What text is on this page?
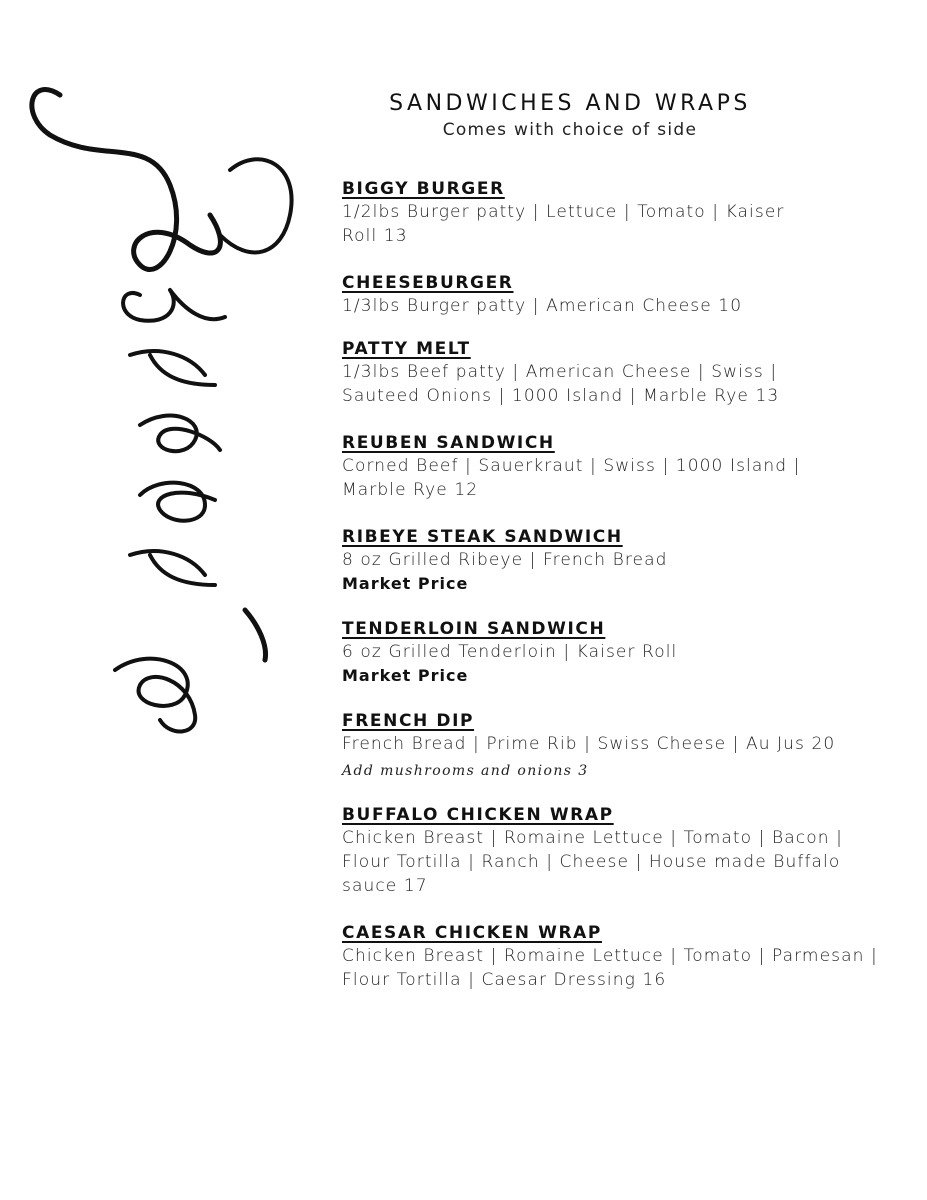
SANDWICHES AND WRAPS
Comes with choice of side
BIGGY BURGER
1/2lbs Burger patty | Lettuce | Tomato | Kaiser Roll 13
CHEESEBURGER
1/3lbs Burger patty | American Cheese 10
PATTY MELT
1/3lbs Beef patty | American Cheese | Swiss | Sauteed Onions | 1000 Island | Marble Rye 13
REUBEN SANDWICH
Corned Beef | Sauerkraut | Swiss | 1000 Island | Marble Rye 12
RIBEYE STEAK SANDWICH
8 oz Grilled Ribeye | French Bread
Market Price
TENDERLOIN SANDWICH
6 oz Grilled Tenderloin | Kaiser Roll
Market Price
FRENCH DIP
French Bread | Prime Rib | Swiss Cheese | Au Jus 20
Add mushrooms and onions 3
BUFFALO CHICKEN WRAP
Chicken Breast | Romaine Lettuce | Tomato | Bacon | Flour Tortilla | Ranch | Cheese | House made Buffalo sauce 17
CAESAR CHICKEN WRAP
Chicken Breast | Romaine Lettuce | Tomato | Parmesan | Flour Tortilla | Caesar Dressing 16
